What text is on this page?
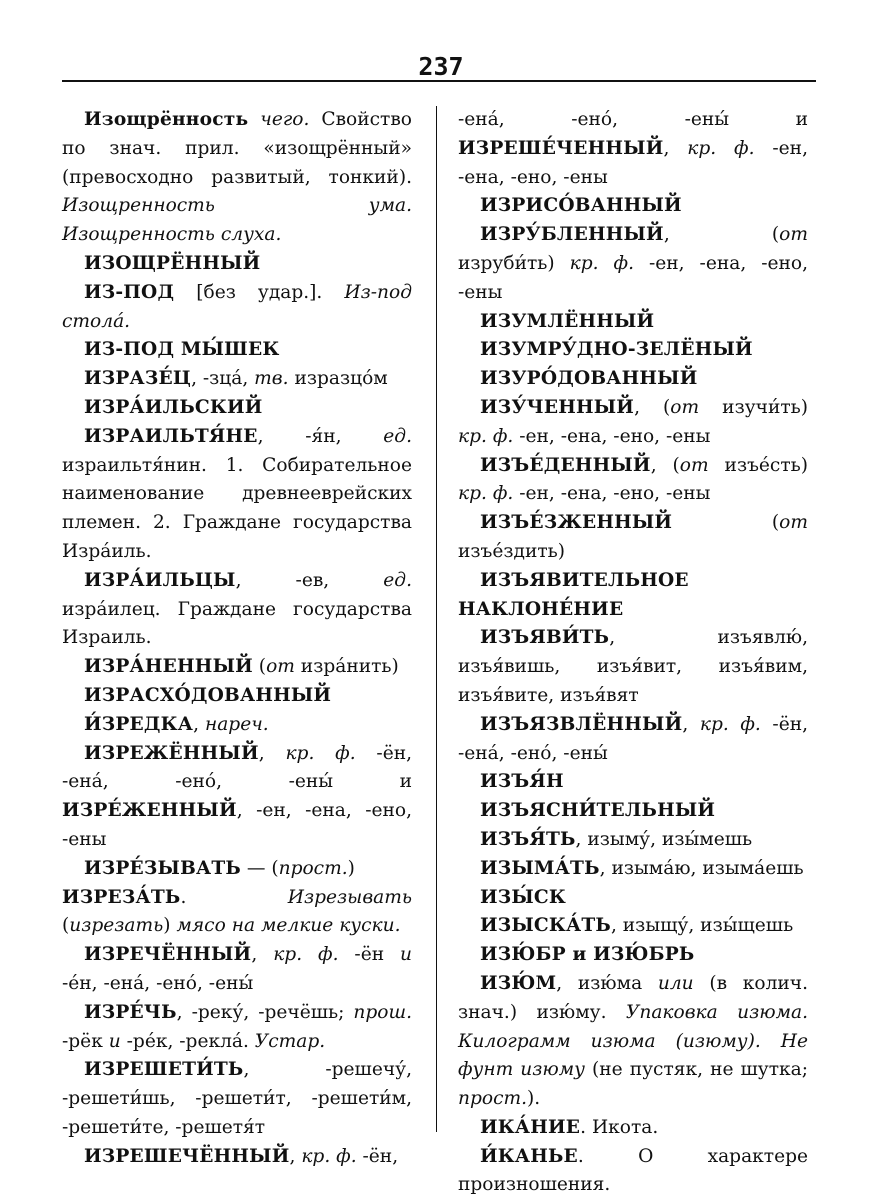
237

Изощрённость чего. Свойство по знач. прил. «изощрённый» (превосходно развитый, тонкий). Изощренность ума. Изощренность слуха.

ИЗОЩРЁННЫЙ

ИЗ-ПОД [без удар.]. Из-под стола́.

ИЗ-ПОД МЫ́ШЕК

ИЗРАЗЕ́Ц, -зца́, тв. изразцо́м

ИЗРА́ИЛЬСКИЙ

ИЗРАИЛЬТЯ́НЕ, -я́н, ед. израильтя́нин. 1. Собирательное наименование древнееврейских племен. 2. Граждане государства Изра́иль.

ИЗРА́ИЛЬЦЫ, -ев, ед. изра́илец. Граждане государства Израиль.

ИЗРА́НЕННЫЙ (от изра́нить)

ИЗРАСХО́ДОВАННЫЙ

И́ЗРЕДКА, нареч.

ИЗРЕЖЁННЫЙ, кр. ф. -ён, -ена́, -ено́, -ены́ и ИЗРЕ́ЖЕННЫЙ, -ен, -ена, -ено, -ены

ИЗРЕ́ЗЫВАТЬ — (прост.)

ИЗРЕЗА́ТЬ. Изрезывать (изрезать) мясо на мелкие куски.

ИЗРЕЧЁННЫЙ, кр. ф. -ён и -е́н, -ена́, -ено́, -ены́

ИЗРЕ́ЧЬ, -реку́, -речёшь; прош. -рёк и -ре́к, -рекла́. Устар.

ИЗРЕШЕТИ́ТЬ, -решечу́, -решети́шь, -решети́т, -решети́м, -решети́те, -решетя́т

ИЗРЕШЕЧЁННЫЙ, кр. ф. -ён,

-ена́, -ено́, -ены́ и ИЗРЕШЕ́ЧЕННЫЙ, кр. ф. -ен, -ена, -ено, -ены

ИЗРИСО́ВАННЫЙ

ИЗРУ́БЛЕННЫЙ, (от изруби́ть) кр. ф. -ен, -ена, -ено, -ены

ИЗУМЛЁННЫЙ

ИЗУМРУ́ДНО-ЗЕЛЁНЫЙ

ИЗУРО́ДОВАННЫЙ

ИЗУ́ЧЕННЫЙ, (от изучи́ть) кр. ф. -ен, -ена, -ено, -ены

ИЗЪЕ́ДЕННЫЙ, (от изъе́сть) кр. ф. -ен, -ена, -ено, -ены

ИЗЪЕ́ЗЖЕННЫЙ (от изъе́здить)

ИЗЪЯВИТЕЛЬНОЕ НАКЛОНЕ́НИЕ

ИЗЪЯВИ́ТЬ, изъявлю́, изъя́вишь, изъя́вит, изъя́вим, изъя́вите, изъя́вят

ИЗЪЯЗВЛЁННЫЙ, кр. ф. -ён, -ена́, -ено́, -ены́

ИЗЪЯ́Н

ИЗЪЯСНИ́ТЕЛЬНЫЙ

ИЗЪЯ́ТЬ, изыму́, изы́мешь

ИЗЫМА́ТЬ, изыма́ю, изыма́ешь

ИЗЫ́СК

ИЗЫСКА́ТЬ, изыщу́, изы́щешь

ИЗЮ́БР и ИЗЮ́БРЬ

ИЗЮ́М, изю́ма или (в колич. знач.) изю́му. Упаковка изюма. Килограмм изюма (изюму). Не фунт изюму (не пустяк, не шутка; прост.).

ИКА́НИЕ. Икота.

И́КАНЬЕ. О характере произношения.
